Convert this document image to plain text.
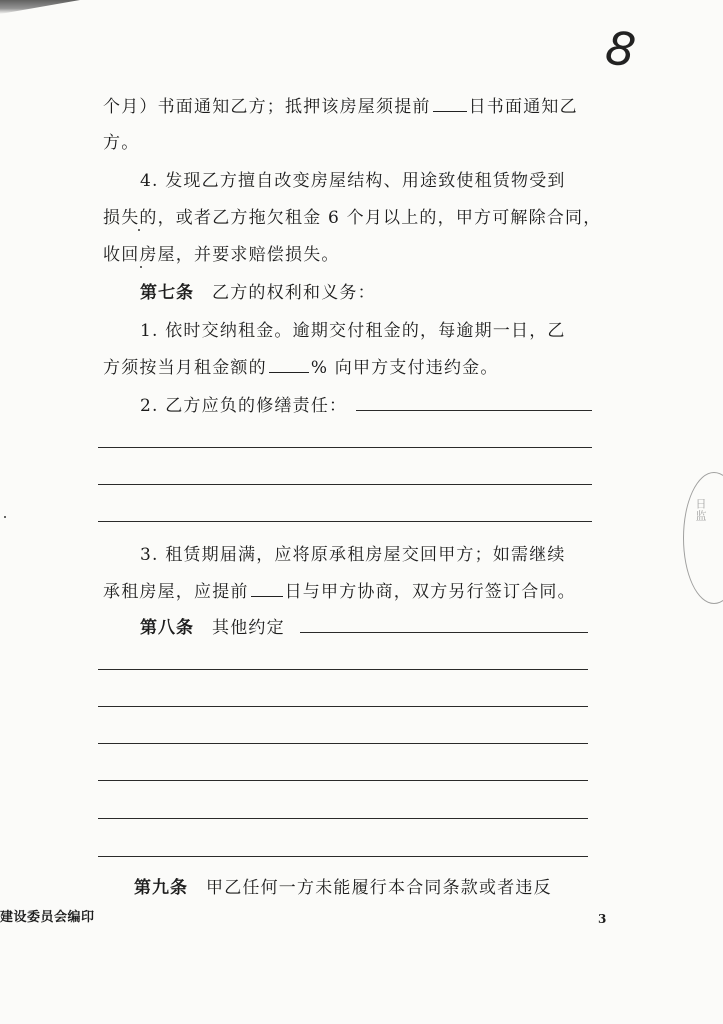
8
个月）书面通知乙方；抵押该房屋须提前 日书面通知乙
方。
4. 发现乙方擅自改变房屋结构、用途致使租赁物受到
损失的，或者乙方拖欠租金 6 个月以上的，甲方可解除合同，
收回房屋，并要求赔偿损失。
第七条 乙方的权利和义务：
1. 依时交纳租金。逾期交付租金的，每逾期一日，乙
方须按当月租金额的	% 向甲方支付违约金。
2. 乙方应负的修缮责任：
3. 租赁期届满，应将原承租房屋交回甲方；如需继续
承租房屋，应提前 日与甲方协商，双方另行签订合同。
第八条 其他约定
第九条 甲乙任何一方未能履行本合同条款或者违反
建设委员会编印	3
日监
